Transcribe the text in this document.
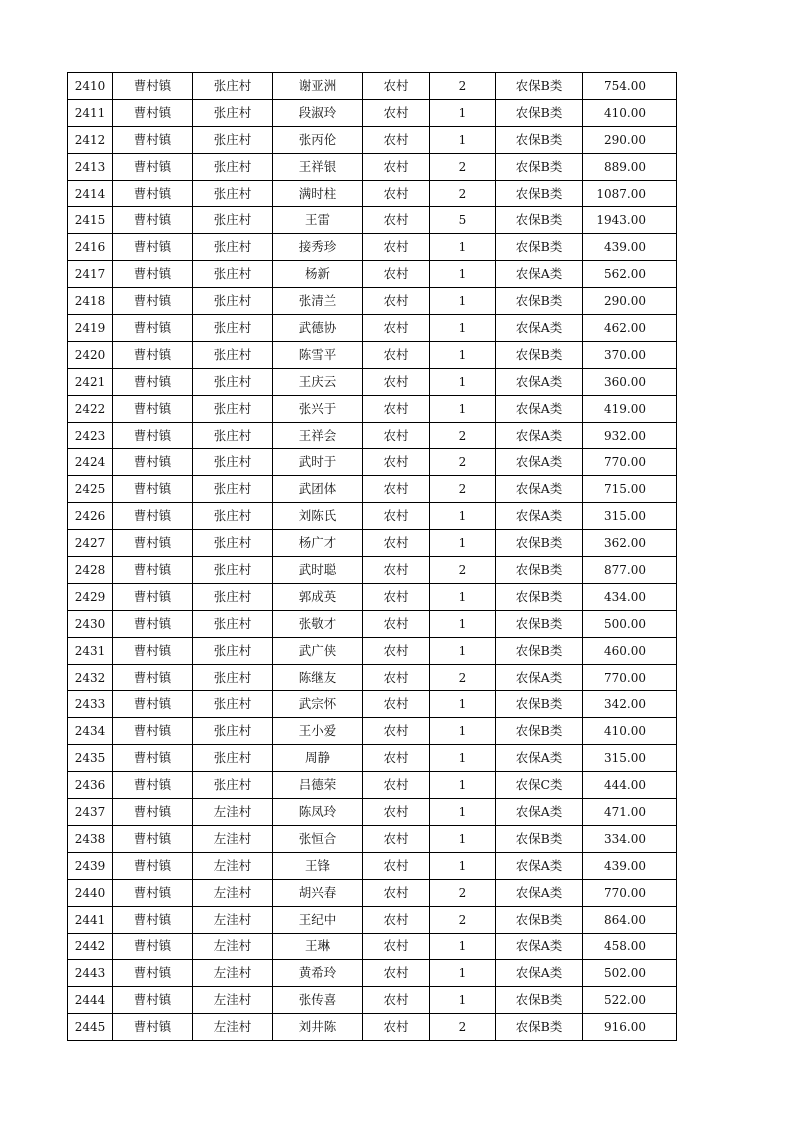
2410	曹村镇	张庄村	谢亚洲	农村	2	农保B类	754.00
2411	曹村镇	张庄村	段淑玲	农村	1	农保B类	410.00
2412	曹村镇	张庄村	张丙伦	农村	1	农保B类	290.00
2413	曹村镇	张庄村	王祥银	农村	2	农保B类	889.00
2414	曹村镇	张庄村	满时柱	农村	2	农保B类	1087.00
2415	曹村镇	张庄村	王雷	农村	5	农保B类	1943.00
2416	曹村镇	张庄村	接秀珍	农村	1	农保B类	439.00
2417	曹村镇	张庄村	杨新	农村	1	农保A类	562.00
2418	曹村镇	张庄村	张清兰	农村	1	农保B类	290.00
2419	曹村镇	张庄村	武德协	农村	1	农保A类	462.00
2420	曹村镇	张庄村	陈雪平	农村	1	农保B类	370.00
2421	曹村镇	张庄村	王庆云	农村	1	农保A类	360.00
2422	曹村镇	张庄村	张兴于	农村	1	农保A类	419.00
2423	曹村镇	张庄村	王祥会	农村	2	农保A类	932.00
2424	曹村镇	张庄村	武时于	农村	2	农保A类	770.00
2425	曹村镇	张庄村	武团体	农村	2	农保A类	715.00
2426	曹村镇	张庄村	刘陈氏	农村	1	农保A类	315.00
2427	曹村镇	张庄村	杨广才	农村	1	农保B类	362.00
2428	曹村镇	张庄村	武时聪	农村	2	农保B类	877.00
2429	曹村镇	张庄村	郭成英	农村	1	农保B类	434.00
2430	曹村镇	张庄村	张敬才	农村	1	农保B类	500.00
2431	曹村镇	张庄村	武广侠	农村	1	农保B类	460.00
2432	曹村镇	张庄村	陈继友	农村	2	农保A类	770.00
2433	曹村镇	张庄村	武宗怀	农村	1	农保B类	342.00
2434	曹村镇	张庄村	王小爱	农村	1	农保B类	410.00
2435	曹村镇	张庄村	周静	农村	1	农保A类	315.00
2436	曹村镇	张庄村	吕德荣	农村	1	农保C类	444.00
2437	曹村镇	左洼村	陈凤玲	农村	1	农保A类	471.00
2438	曹村镇	左洼村	张恒合	农村	1	农保B类	334.00
2439	曹村镇	左洼村	王锋	农村	1	农保A类	439.00
2440	曹村镇	左洼村	胡兴春	农村	2	农保A类	770.00
2441	曹村镇	左洼村	王纪中	农村	2	农保B类	864.00
2442	曹村镇	左洼村	王琳	农村	1	农保A类	458.00
2443	曹村镇	左洼村	黄希玲	农村	1	农保A类	502.00
2444	曹村镇	左洼村	张传喜	农村	1	农保B类	522.00
2445	曹村镇	左洼村	刘井陈	农村	2	农保B类	916.00
